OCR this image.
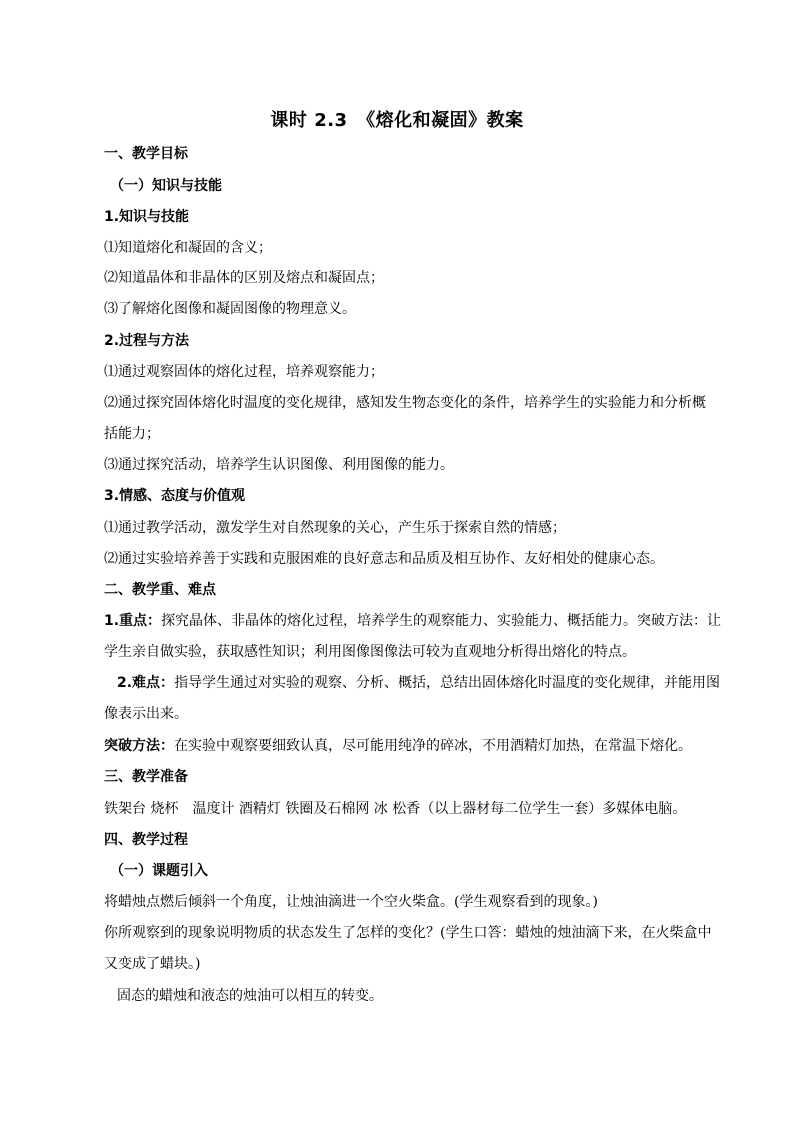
课时 2.3　《熔化和凝固》教案
一、教学目标
（一）知识与技能
1.知识与技能
⑴知道熔化和凝固的含义；
⑵知道晶体和非晶体的区别及熔点和凝固点；
⑶了解熔化图像和凝固图像的物理意义。
2.过程与方法
⑴通过观察固体的熔化过程，培养观察能力；
⑵通过探究固体熔化时温度的变化规律，感知发生物态变化的条件，培养学生的实验能力和分析概
括能力；
⑶通过探究活动，培养学生认识图像、利用图像的能力。
3.情感、态度与价值观
⑴通过教学活动，激发学生对自然现象的关心，产生乐于探索自然的情感；
⑵通过实验培养善于实践和克服困难的良好意志和品质及相互协作、友好相处的健康心态。
二、教学重、难点
1.重点：探究晶体、非晶体的熔化过程，培养学生的观察能力、实验能力、概括能力。突破方法：让
学生亲自做实验，获取感性知识；利用图像图像法可较为直观地分析得出熔化的特点。
2.难点：指导学生通过对实验的观察、分析、概括，总结出固体熔化时温度的变化规律，并能用图
像表示出来。
突破方法：在实验中观察要细致认真，尽可能用纯净的碎冰，不用酒精灯加热，在常温下熔化。
三、教学准备
铁架台 烧杯　温度计 酒精灯 铁圈及石棉网 冰 松香（以上器材每二位学生一套）多媒体电脑。
四、教学过程
（一）课题引入
将蜡烛点燃后倾斜一个角度，让烛油滴进一个空火柴盒。(学生观察看到的现象。)
你所观察到的现象说明物质的状态发生了怎样的变化？(学生口答：蜡烛的烛油滴下来，在火柴盒中
又变成了蜡块。)
固态的蜡烛和液态的烛油可以相互的转变。
